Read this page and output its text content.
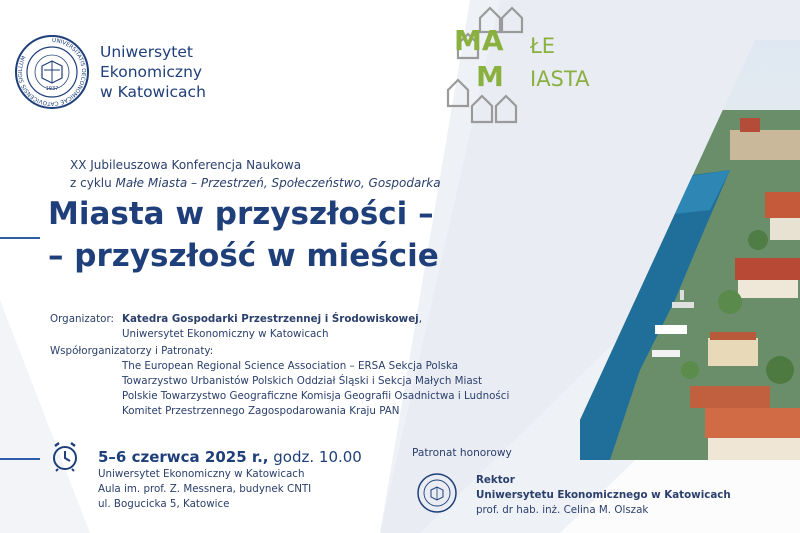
1937
UNIVERSITATIS OECONOMICAE CATOVICENSIS SIGILLUM	Uniwersytet
Ekonomiczny
w Katowicach
MA ŁE
M IASTA
XX Jubileuszowa Konferencja Naukowa
z cyklu Małe Miasta – Przestrzeń, Społeczeństwo, Gospodarka
Miasta w przyszłości –
– przyszłość w mieście
Organizator: Katedra Gospodarki Przestrzennej i Środowiskowej,
Uniwersytet Ekonomiczny w Katowicach
Współorganizatorzy i Patronaty:
The European Regional Science Association – ERSA Sekcja Polska
Towarzystwo Urbanistów Polskich Oddział Śląski i Sekcja Małych Miast
Polskie Towarzystwo Geograficzne Komisja Geografii Osadnictwa i Ludności
Komitet Przestrzennego Zagospodarowania Kraju PAN
5–6 czerwca 2025 r., godz. 10.00
Uniwersytet Ekonomiczny w Katowicach
Aula im. prof. Z. Messnera, budynek CNTI
ul. Bogucicka 5, Katowice
Patronat honorowy
Rektor
Uniwersytetu Ekonomicznego w Katowicach
prof. dr hab. inż. Celina M. Olszak
